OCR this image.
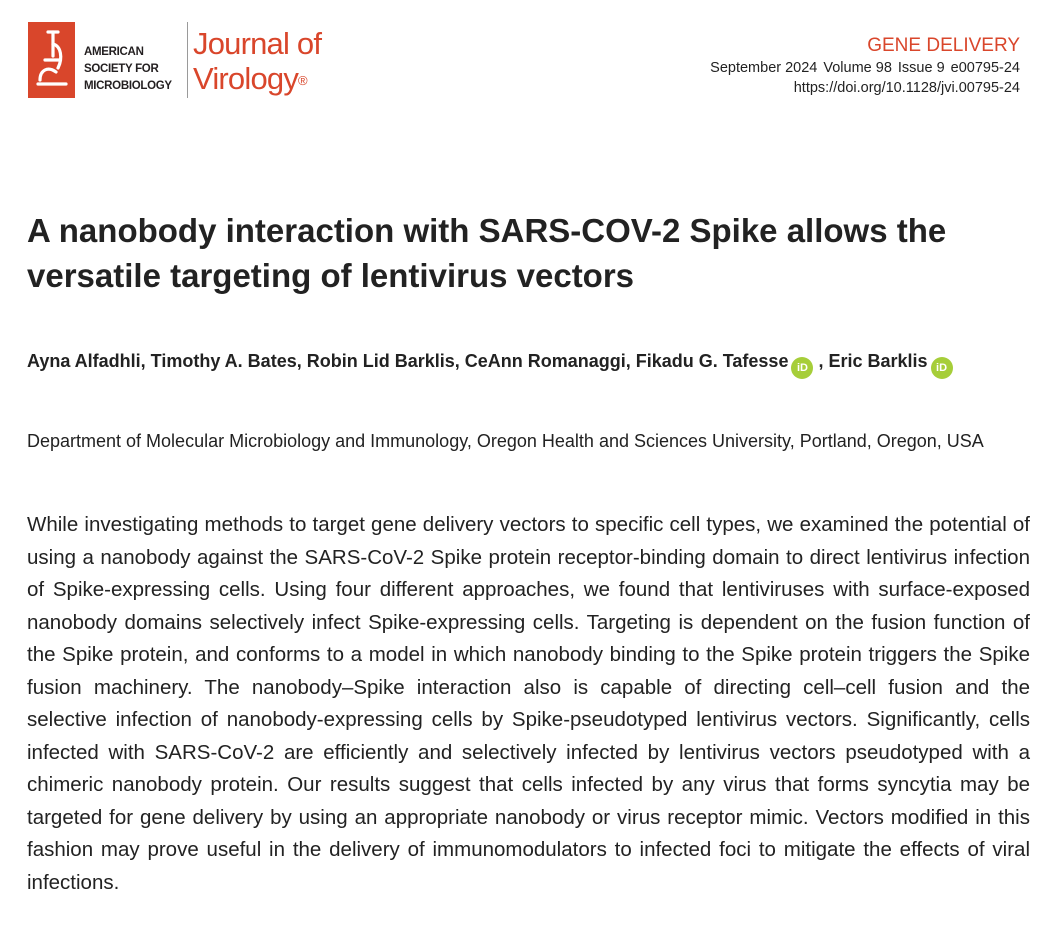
AMERICAN
SOCIETY FOR
MICROBIOLOGY
Journal of
Virology®
GENE DELIVERY
September 2024 Volume 98 Issue 9 e00795-24
https://doi.org/10.1128/jvi.00795-24
A nanobody interaction with SARS-COV-2 Spike allows the versatile targeting of lentivirus vectors
Ayna Alfadhli, Timothy A. Bates, Robin Lid Barklis, CeAnn Romanaggi, Fikadu G. Tafesse iD , Eric Barklis iD
Department of Molecular Microbiology and Immunology, Oregon Health and Sciences University, Portland, Oregon, USA

While investigating methods to target gene delivery vectors to specific cell types, we examined the potential of using a nanobody against the SARS-CoV-2 Spike protein receptor-binding domain to direct lentivirus infection of Spike-expressing cells. Using four different approaches, we found that lentiviruses with surface-exposed nanobody domains selectively infect Spike-expressing cells. Targeting is dependent on the fusion function of the Spike protein, and conforms to a model in which nanobody binding to the Spike protein triggers the Spike fusion machinery. The nanobody–Spike interaction also is capable of directing cell–cell fusion and the selective infection of nanobody-expressing cells by Spike-pseudotyped lentivirus vectors. Significantly, cells infected with SARS-CoV-2 are efficiently and selectively infected by lentivirus vectors pseudotyped with a chimeric nanobody protein. Our results suggest that cells infected by any virus that forms syncytia may be targeted for gene delivery by using an appropriate nanobody or virus receptor mimic. Vectors modified in this fashion may prove useful in the delivery of immunomodulators to infected foci to mitigate the effects of viral infections.
